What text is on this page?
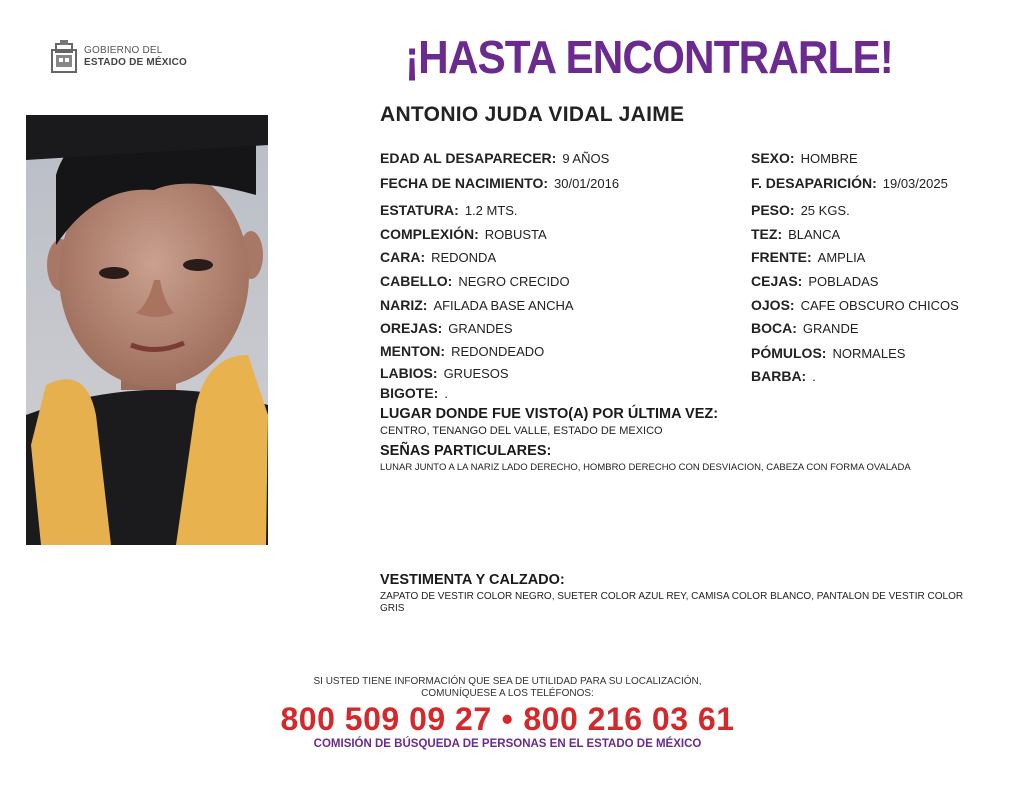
GOBIERNO DEL
ESTADO DE MÉXICO	¡HASTA ENCONTRARLE!
ANTONIO JUDA VIDAL JAIME
EDAD AL DESAPARECER: 9 AÑOS
FECHA DE NACIMIENTO: 30/01/2016
ESTATURA: 1.2 MTS.
COMPLEXIÓN: ROBUSTA
CARA: REDONDA
CABELLO: NEGRO CRECIDO
NARIZ: AFILADA BASE ANCHA
OREJAS: GRANDES
MENTON: REDONDEADO
LABIOS: GRUESOS
BIGOTE: .
SEXO: HOMBRE
F. DESAPARICIÓN: 19/03/2025
PESO: 25 KGS.
TEZ: BLANCA
FRENTE: AMPLIA
CEJAS: POBLADAS
OJOS: CAFE OBSCURO CHICOS
BOCA: GRANDE
PÓMULOS: NORMALES
BARBA: .
LUGAR DONDE FUE VISTO(A) POR ÚLTIMA VEZ:
CENTRO, TENANGO DEL VALLE, ESTADO DE MEXICO
SEÑAS PARTICULARES:
LUNAR JUNTO A LA NARIZ LADO DERECHO, HOMBRO DERECHO CON DESVIACION, CABEZA CON FORMA OVALADA
VESTIMENTA Y CALZADO:
ZAPATO DE VESTIR COLOR NEGRO, SUETER COLOR AZUL REY, CAMISA COLOR BLANCO, PANTALON DE VESTIR COLOR GRIS
SI USTED TIENE INFORMACIÓN QUE SEA DE UTILIDAD PARA SU LOCALIZACIÓN,
COMUNÍQUESE A LOS TELÉFONOS:
800 509 09 27 • 800 216 03 61
COMISIÓN DE BÚSQUEDA DE PERSONAS EN EL ESTADO DE MÉXICO
